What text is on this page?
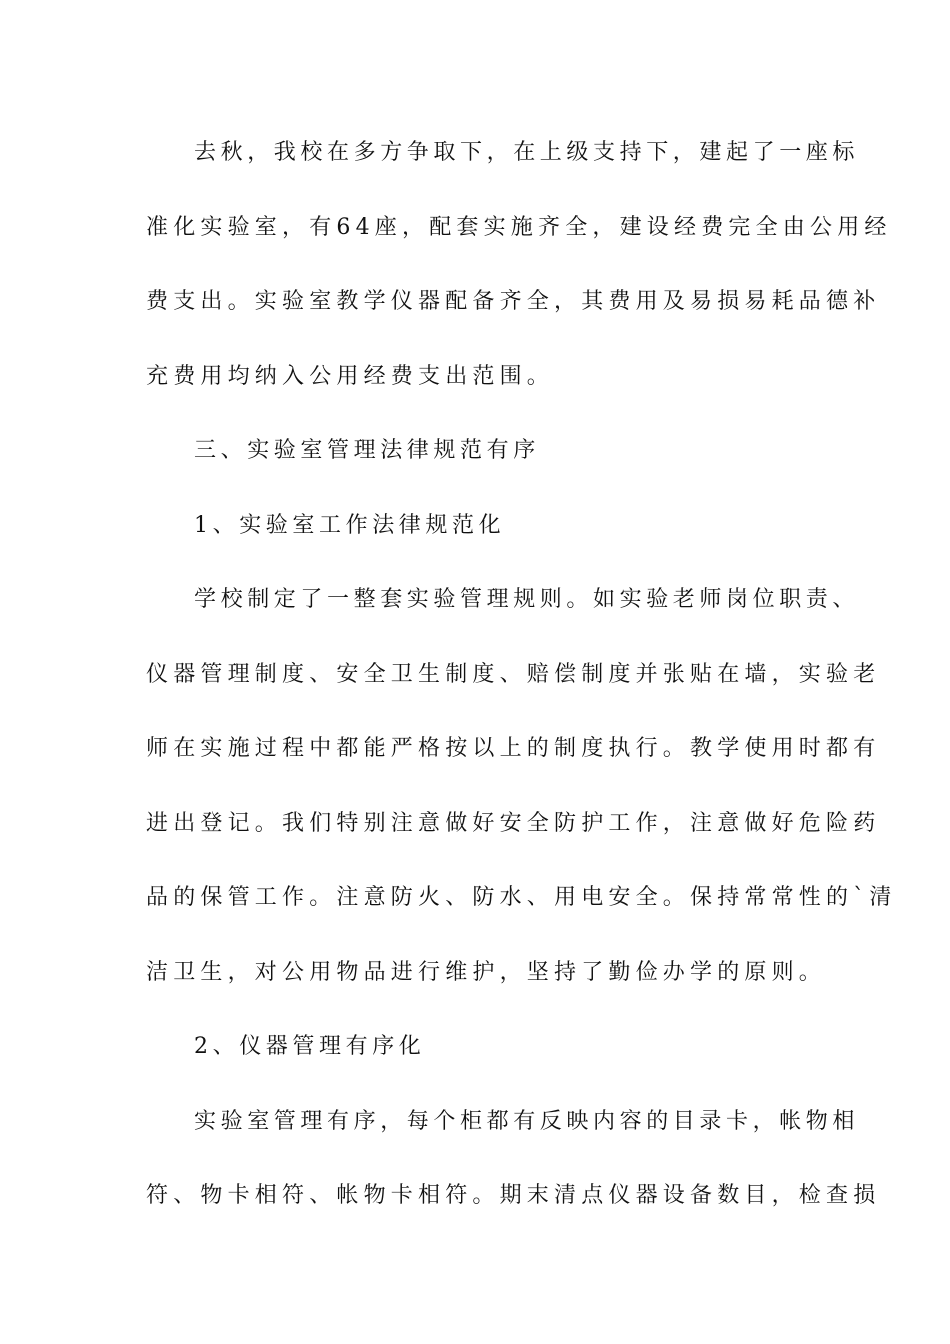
去秋，我校在多方争取下，在上级支持下，建起了一座标
准化实验室，有64座，配套实施齐全，建设经费完全由公用经
费支出。实验室教学仪器配备齐全，其费用及易损易耗品德补
充费用均纳入公用经费支出范围。
三、实验室管理法律规范有序
1、实验室工作法律规范化
学校制定了一整套实验管理规则。如实验老师岗位职责、
仪器管理制度、安全卫生制度、赔偿制度并张贴在墙，实验老
师在实施过程中都能严格按以上的制度执行。教学使用时都有
进出登记。我们特别注意做好安全防护工作，注意做好危险药
品的保管工作。注意防火、防水、用电安全。保持常常性的`清
洁卫生，对公用物品进行维护，坚持了勤俭办学的原则。
2、仪器管理有序化
实验室管理有序，每个柜都有反映内容的目录卡，帐物相
符、物卡相符、帐物卡相符。期末清点仪器设备数目，检查损
